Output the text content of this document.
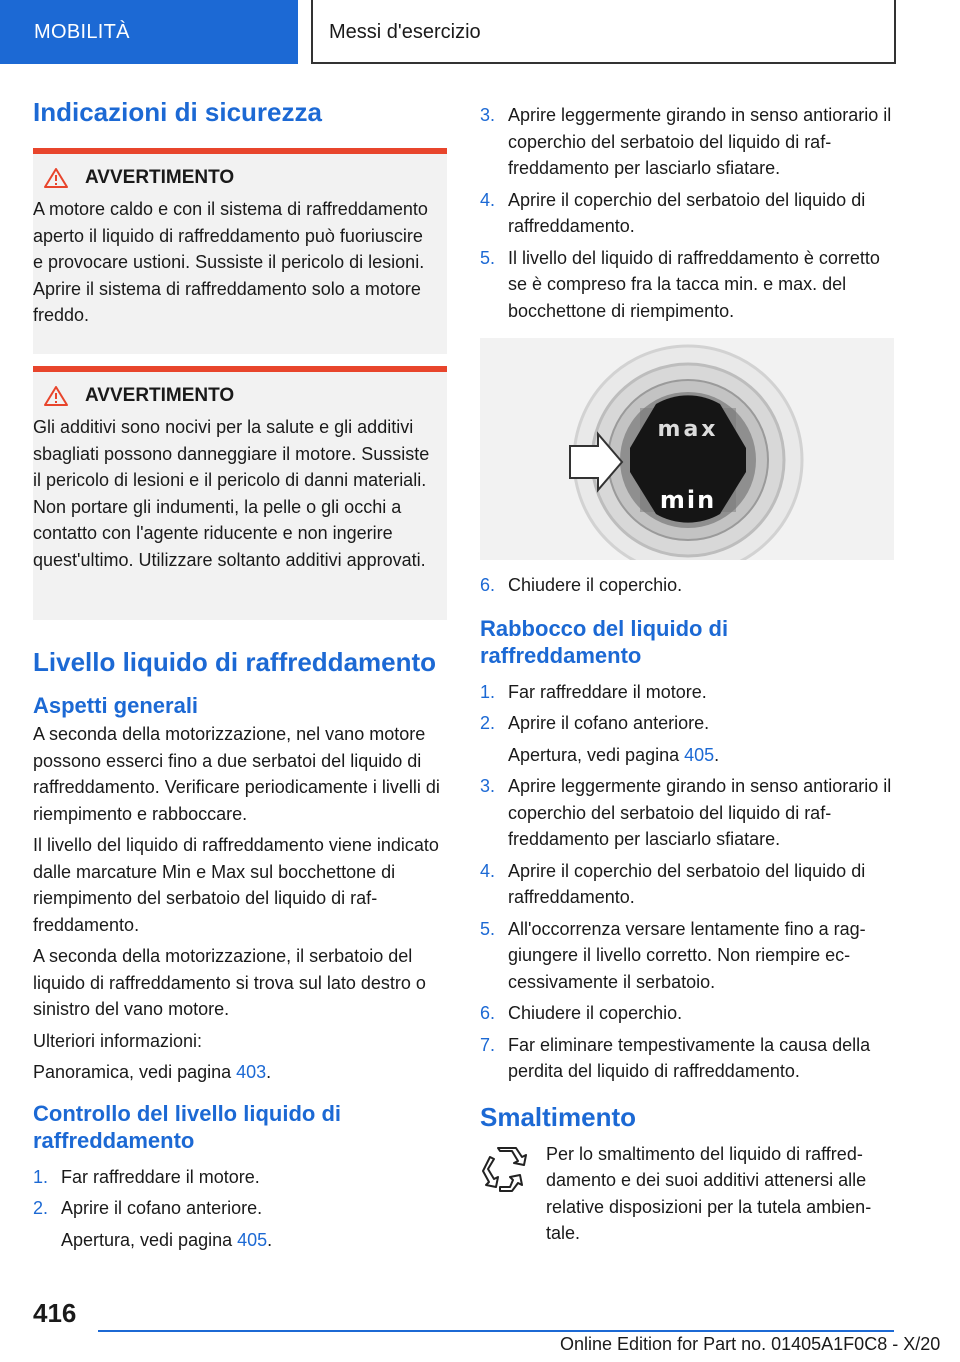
MOBILITÀ	Messi d'esercizio
Indicazioni di sicurezza
AVVERTIMENTO

A motore caldo e con il sistema di raffreddamento aperto il liquido di raffreddamento può fuoriuscire e provocare ustioni. Sussiste il pericolo di lesioni. Aprire il sistema di raffreddamento solo a motore freddo.

AVVERTIMENTO

Gli additivi sono nocivi per la salute e gli additivi sbagliati possono danneggiare il motore. Sussiste il pericolo di lesioni e il pericolo di danni materiali. Non portare gli indumenti, la pelle o gli occhi a contatto con l'agente riducente e non ingerire quest'ultimo. Utilizzare soltanto additivi approvati.

Livello liquido di raffreddamento
Aspetti generali

A seconda della motorizzazione, nel vano motore possono esserci fino a due serbatoi del liquido di raffreddamento. Verificare periodicamente i livelli di riempimento e rabboccare.

Il livello del liquido di raffreddamento viene indicato dalle marcature Min e Max sul bocchettone di riempimento del serbatoio del liquido di raffreddamento.

A seconda della motorizzazione, il serbatoio del liquido di raffreddamento si trova sul lato destro o sinistro del vano motore.

Ulteriori informazioni:

Panoramica, vedi pagina 403.

Controllo del livello liquido di raffreddamento
1. Far raffreddare il motore.
2. Aprire il cofano anteriore.
Apertura, vedi pagina 405.
3. Aprire leggermente girando in senso antiorario il coperchio del serbatoio del liquido di raffreddamento per lasciarlo sfiatare.
4. Aprire il coperchio del serbatoio del liquido di raffreddamento.
5. Il livello del liquido di raffreddamento è corretto se è compreso fra la tacca min. e max. del bocchettone di riempimento.
max
min
6. Chiudere il coperchio.
Rabbocco del liquido di raffreddamento
1. Far raffreddare il motore.
2. Aprire il cofano anteriore.
Apertura, vedi pagina 405.
3. Aprire leggermente girando in senso antiorario il coperchio del serbatoio del liquido di raffreddamento per lasciarlo sfiatare.
4. Aprire il coperchio del serbatoio del liquido di raffreddamento.
5. All'occorrenza versare lentamente fino a raggiungere il livello corretto. Non riempire eccessivamente il serbatoio.
6. Chiudere il coperchio.
7. Far eliminare tempestivamente la causa della perdita del liquido di raffreddamento.
Smaltimento

Per lo smaltimento del liquido di raffreddamento e dei suoi additivi attenersi alle relative disposizioni per la tutela ambientale.

416
Online Edition for Part no. 01405A1F0C8 - X/20
